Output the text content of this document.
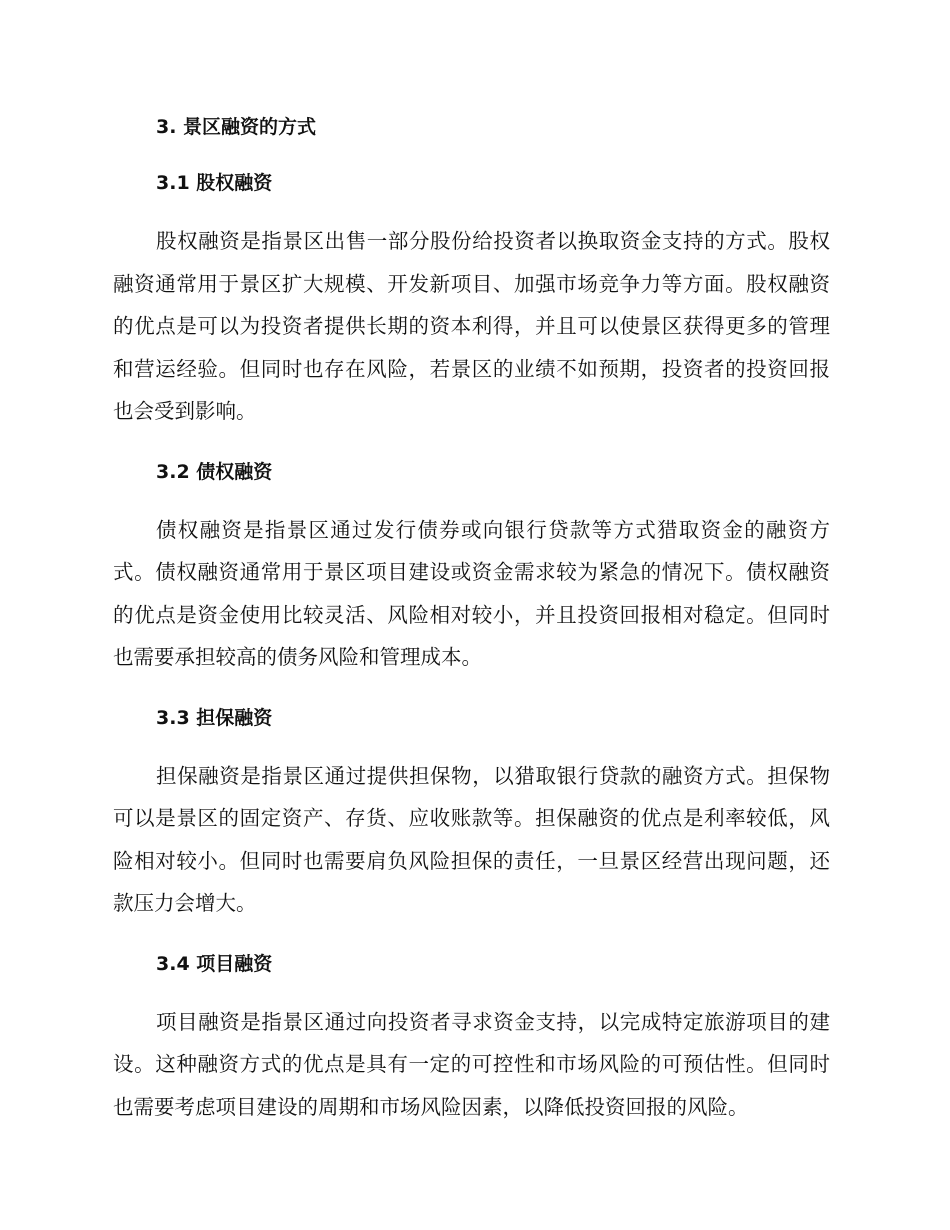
3. 景区融资的方式
3.1 股权融资

股权融资是指景区出售一部分股份给投资者以换取资金支持的方式。股权融资通常用于景区扩大规模、开发新项目、加强市场竞争力等方面。股权融资的优点是可以为投资者提供长期的资本利得，并且可以使景区获得更多的管理和营运经验。但同时也存在风险，若景区的业绩不如预期，投资者的投资回报也会受到影响。

3.2 债权融资

债权融资是指景区通过发行债券或向银行贷款等方式猎取资金的融资方式。债权融资通常用于景区项目建设或资金需求较为紧急的情况下。债权融资的优点是资金使用比较灵活、风险相对较小，并且投资回报相对稳定。但同时也需要承担较高的债务风险和管理成本。

3.3 担保融资

担保融资是指景区通过提供担保物，以猎取银行贷款的融资方式。担保物可以是景区的固定资产、存货、应收账款等。担保融资的优点是利率较低，风险相对较小。但同时也需要肩负风险担保的责任，一旦景区经营出现问题，还款压力会增大。

3.4 项目融资

项目融资是指景区通过向投资者寻求资金支持，以完成特定旅游项目的建设。这种融资方式的优点是具有一定的可控性和市场风险的可预估性。但同时也需要考虑项目建设的周期和市场风险因素，以降低投资回报的风险。
